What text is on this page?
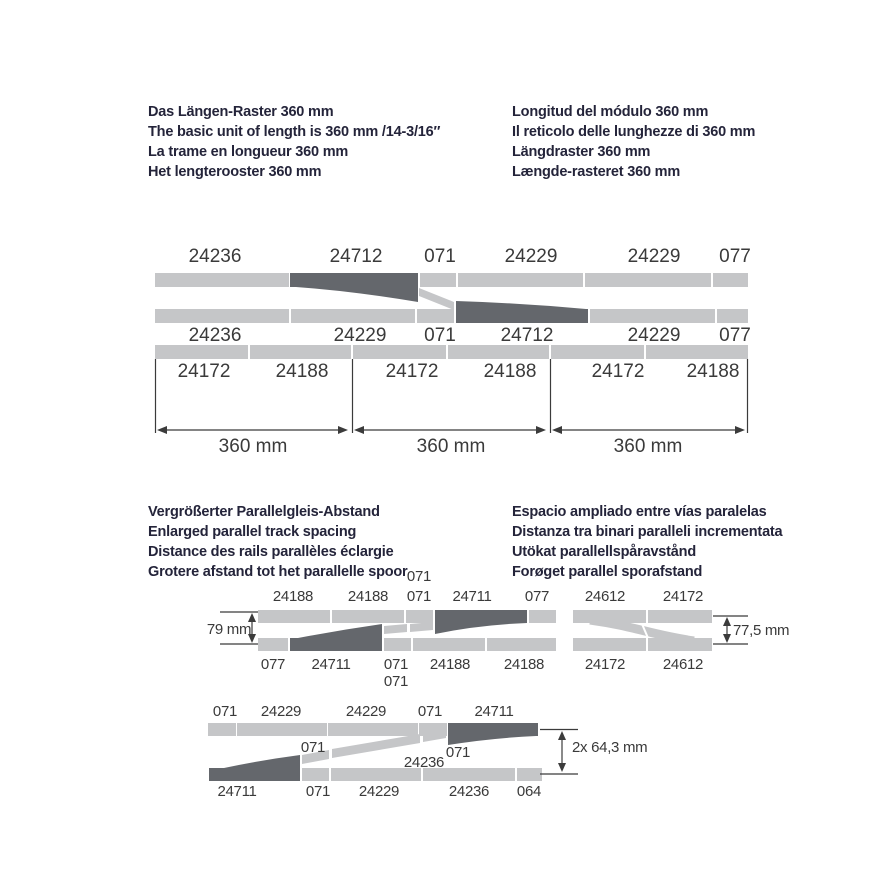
Das Längen-Raster 360 mm
The basic unit of length is 360 mm /14-3/16″
La trame en longueur 360 mm
Het lengterooster 360 mm
Longitud del módulo 360 mm
Il reticolo delle lunghezze di 360 mm
Längdraster 360 mm
Længde-rasteret 360 mm
Vergrößerter Parallelgleis-Abstand
Enlarged parallel track spacing
Distance des rails parallèles éclargie
Grotere afstand tot het parallelle spoor
Espacio ampliado entre vías paralelas
Distanza tra binari paralleli incrementata
Utökat parallellspåravstånd
Forøget parallel sporafstand
24236	24712 071	24229	24229 077
24236	24229 071 24712	24229 077
24172 24188	24172 24188	24172 24188
360 mm	360 mm	360 mm
071
24188 24188 071 24711 077
077 24711 071 24188 24188
071
79 mm
24612	24172
24172	24612
77,5 mm
071 24229	24229 071 24711
071
24236
071
24711	071 24229	24236 064
2x 64,3 mm
